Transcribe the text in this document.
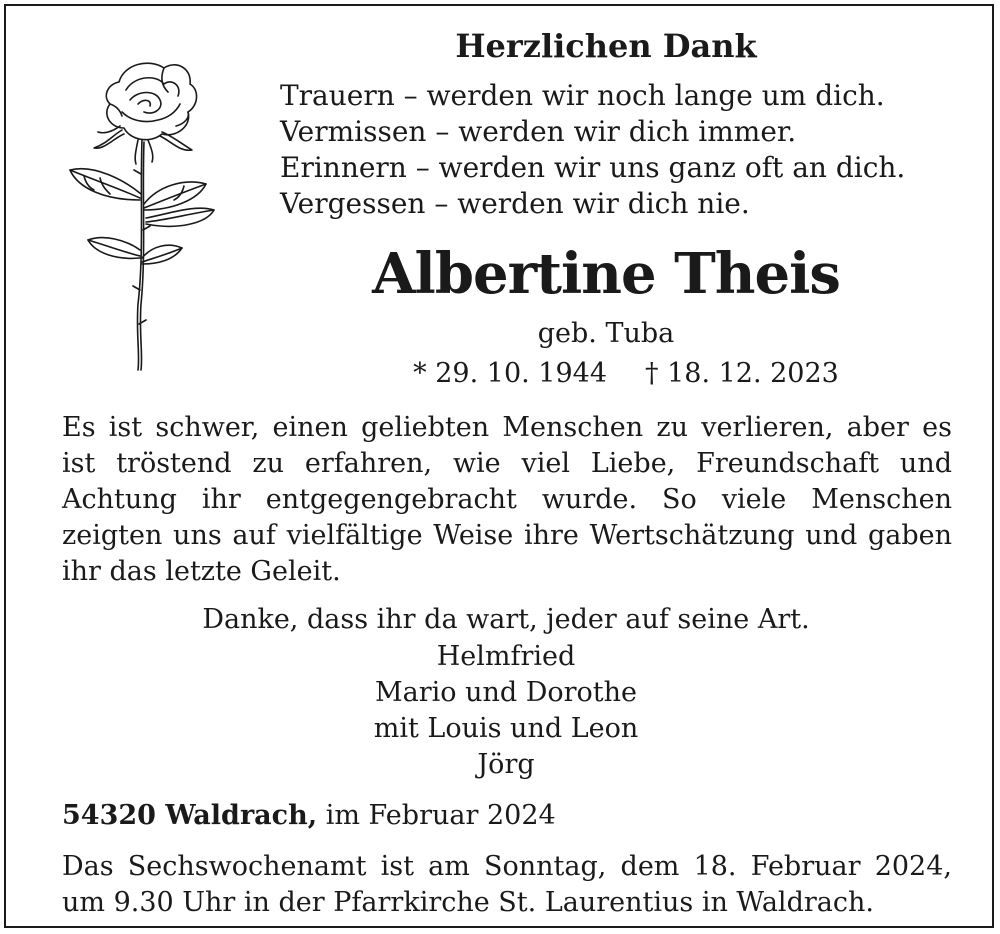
Herzlichen Dank
Trauern – werden wir noch lange um dich.
Vermissen – werden wir dich immer.
Erinnern – werden wir uns ganz oft an dich.
Vergessen – werden wir dich nie.
Albertine Theis
geb. Tuba
* 29. 10. 1944 † 18. 12. 2023
Es ist schwer, einen geliebten Menschen zu verlieren, aber es ist tröstend zu erfahren, wie viel Liebe, Freundschaft und Achtung ihr entgegengebracht wurde. So viele Menschen zeigten uns auf vielfältige Weise ihre Wertschätzung und gaben ihr das letzte Geleit.
Danke, dass ihr da wart, jeder auf seine Art.
Helmfried
Mario und Dorothe
mit Louis und Leon
Jörg
54320 Waldrach, im Februar 2024
Das Sechswochenamt ist am Sonntag, dem 18. Februar 2024, um 9.30 Uhr in der Pfarrkirche St. Laurentius in Waldrach.
